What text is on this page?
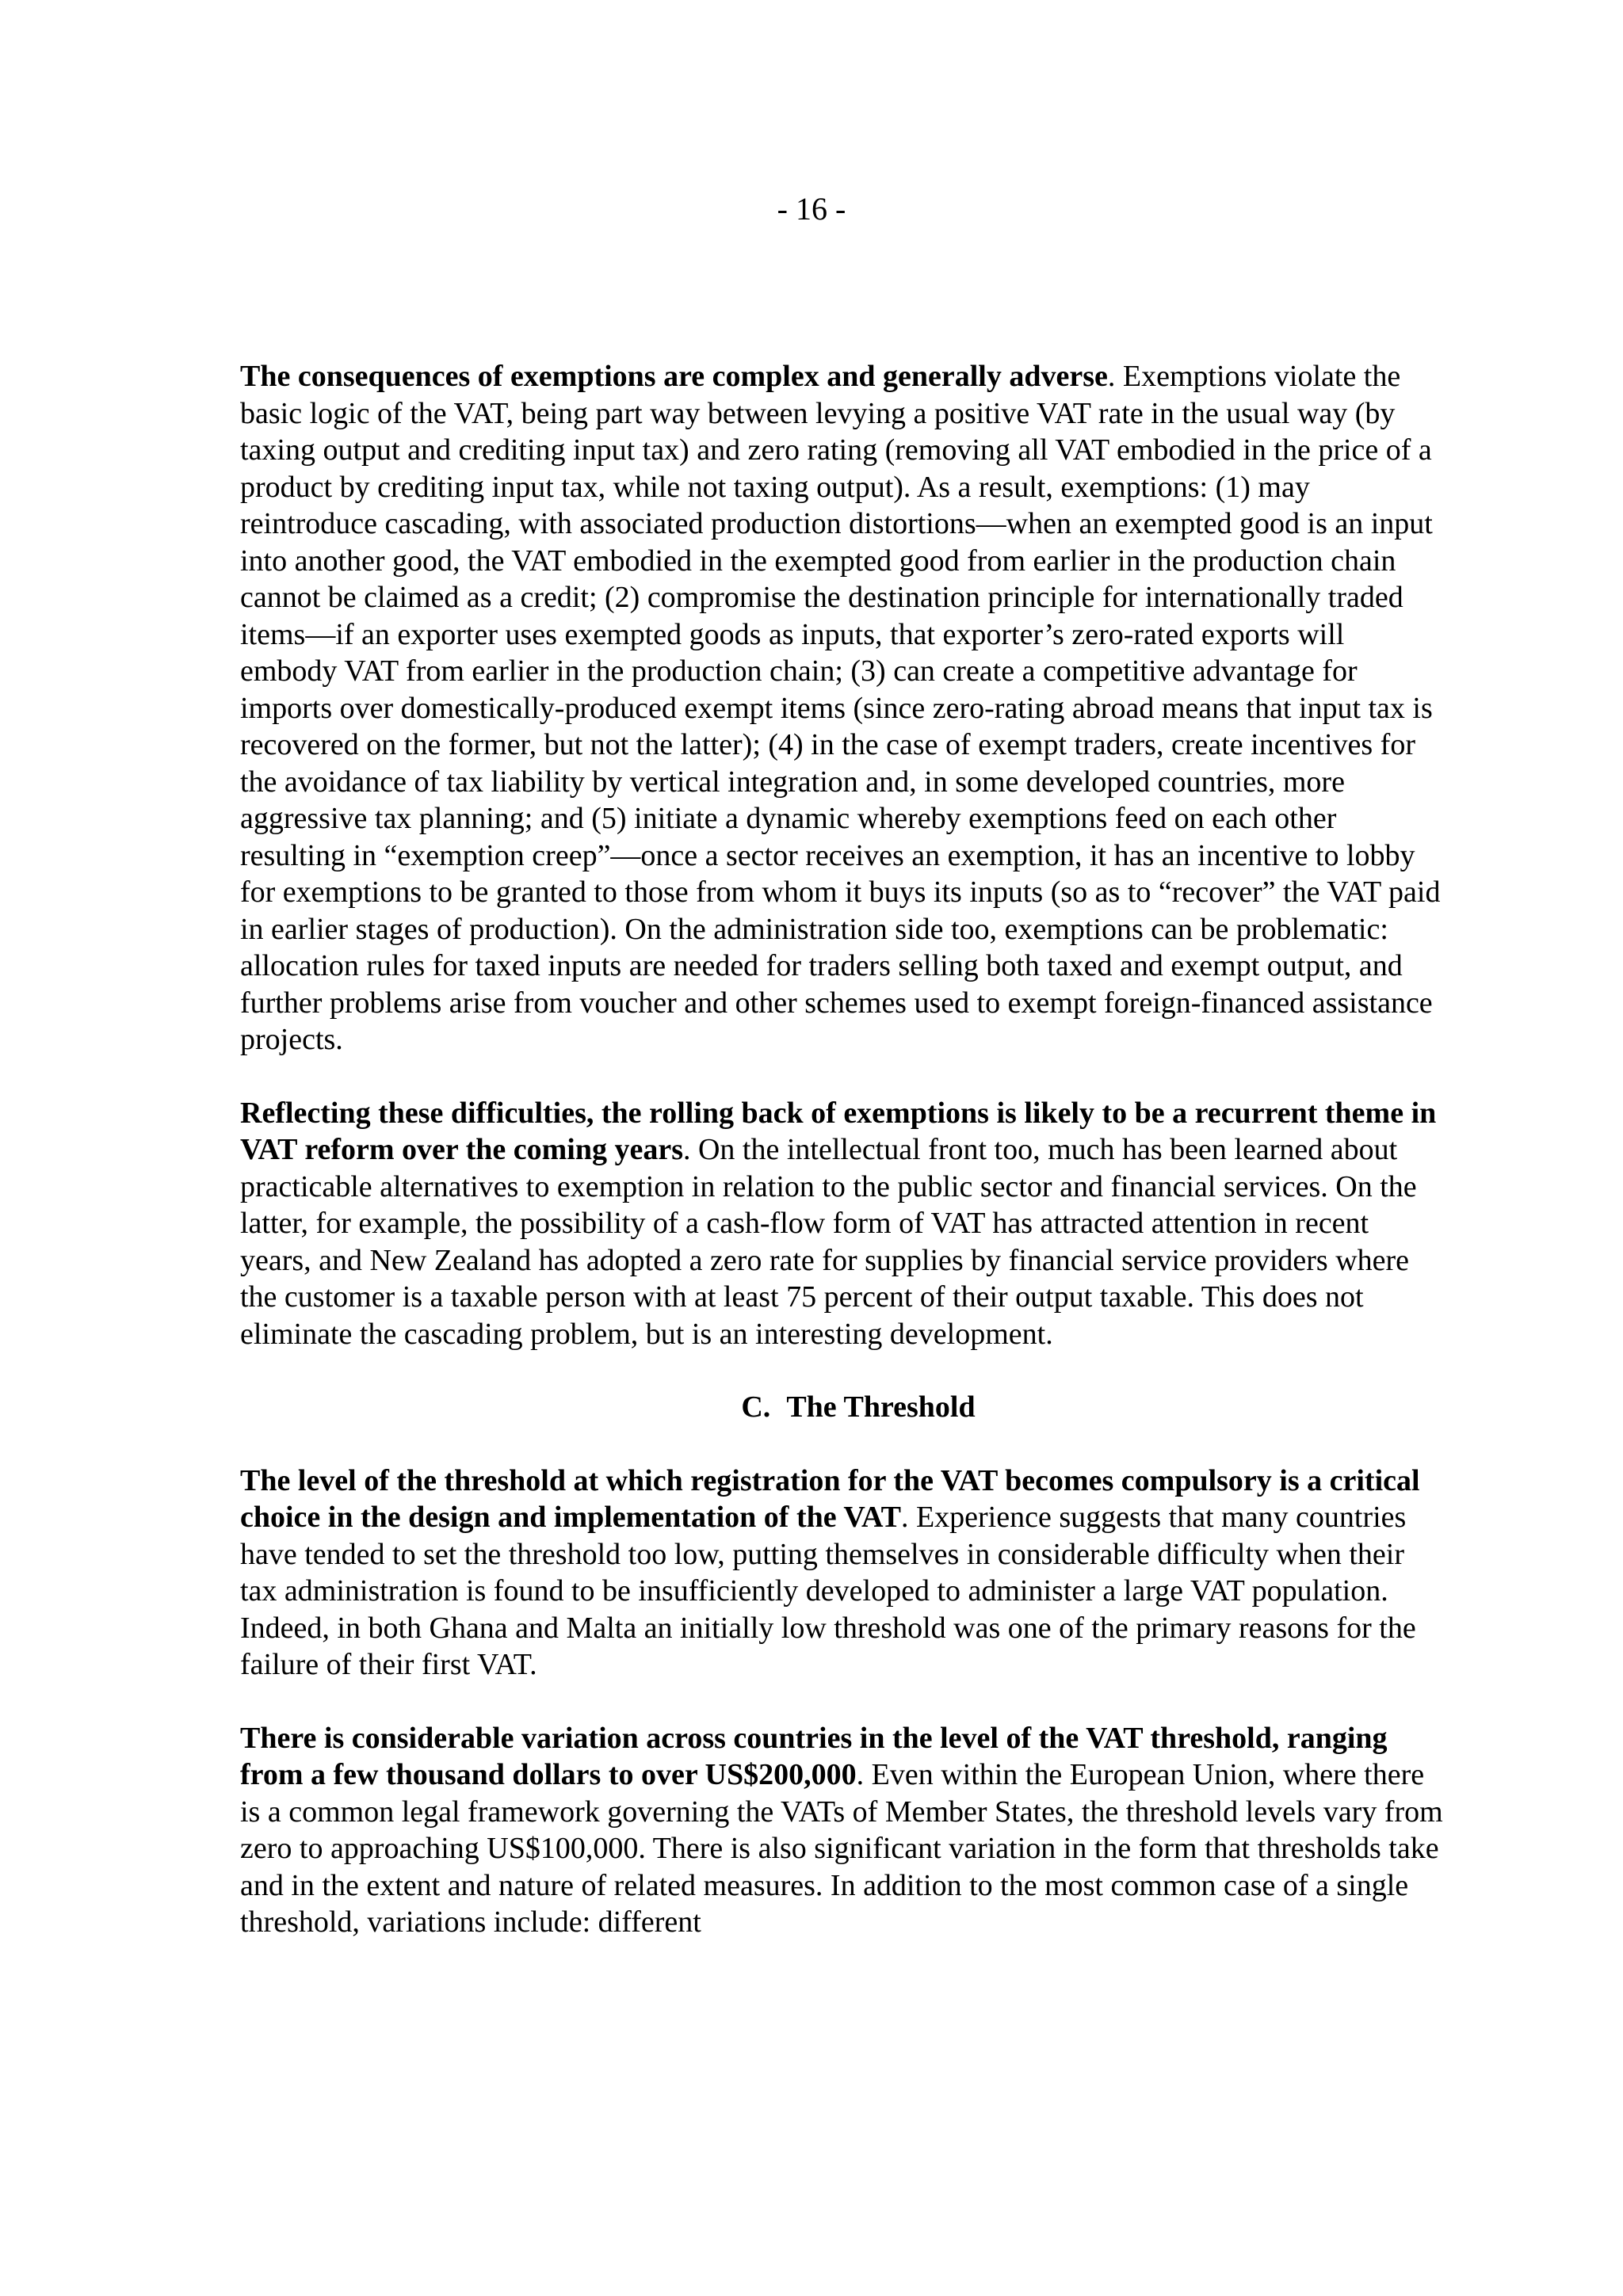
- 16 -

The consequences of exemptions are complex and generally adverse. Exemptions violate the basic logic of the VAT, being part way between levying a positive VAT rate in the usual way (by taxing output and crediting input tax) and zero rating (removing all VAT embodied in the price of a product by crediting input tax, while not taxing output). As a result, exemptions: (1) may reintroduce cascading, with associated production distortions—when an exempted good is an input into another good, the VAT embodied in the exempted good from earlier in the production chain cannot be claimed as a credit; (2) compromise the destination principle for internationally traded items—if an exporter uses exempted goods as inputs, that exporter’s zero-rated exports will embody VAT from earlier in the production chain; (3) can create a competitive advantage for imports over domestically-produced exempt items (since zero-rating abroad means that input tax is recovered on the former, but not the latter); (4) in the case of exempt traders, create incentives for the avoidance of tax liability by vertical integration and, in some developed countries, more aggressive tax planning; and (5) initiate a dynamic whereby exemptions feed on each other resulting in “exemption creep”—once a sector receives an exemption, it has an incentive to lobby for exemptions to be granted to those from whom it buys its inputs (so as to “recover” the VAT paid in earlier stages of production). On the administration side too, exemptions can be problematic: allocation rules for taxed inputs are needed for traders selling both taxed and exempt output, and further problems arise from voucher and other schemes used to exempt foreign-financed assistance projects.

Reflecting these difficulties, the rolling back of exemptions is likely to be a recurrent theme in VAT reform over the coming years. On the intellectual front too, much has been learned about practicable alternatives to exemption in relation to the public sector and financial services. On the latter, for example, the possibility of a cash-flow form of VAT has attracted attention in recent years, and New Zealand has adopted a zero rate for supplies by financial service providers where the customer is a taxable person with at least 75 percent of their output taxable. This does not eliminate the cascading problem, but is an interesting development.

C. The Threshold

The level of the threshold at which registration for the VAT becomes compulsory is a critical choice in the design and implementation of the VAT. Experience suggests that many countries have tended to set the threshold too low, putting themselves in considerable difficulty when their tax administration is found to be insufficiently developed to administer a large VAT population. Indeed, in both Ghana and Malta an initially low threshold was one of the primary reasons for the failure of their first VAT.

There is considerable variation across countries in the level of the VAT threshold, ranging from a few thousand dollars to over US$200,000. Even within the European Union, where there is a common legal framework governing the VATs of Member States, the threshold levels vary from zero to approaching US$100,000. There is also significant variation in the form that thresholds take and in the extent and nature of related measures. In addition to the most common case of a single threshold, variations include: different
